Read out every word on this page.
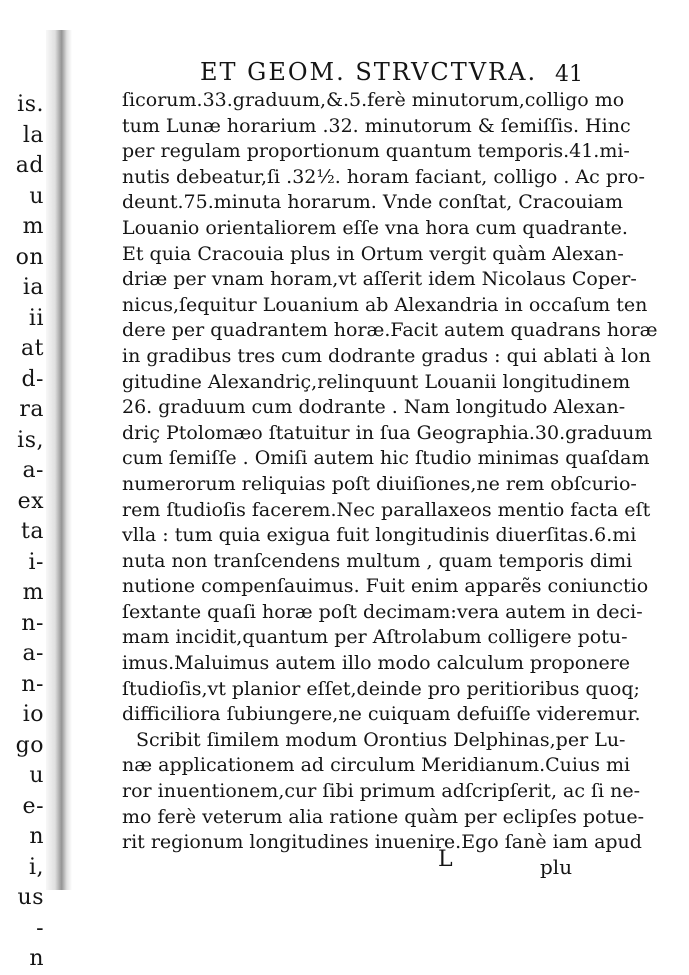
is.
la
ad
u
m
on
ia
ii
at
d-
ra
is,
a-
ex
ta
i-
m
n-
a-
n-
io
go
u
e-
n
i,
us
-
n
ET GEOM. STRVCTVRA. 41
ſicorum.33.graduum,&.5.ferè minutorum,colligo mo
tum Lunæ horarium .32. minutorum & ſemiſſis. Hinc
per regulam proportionum quantum temporis.41.mi-
nutis debeatur,ſi .32½. horam faciant, colligo . Ac pro-
deunt.75.minuta horarum. Vnde conſtat, Cracouiam
Louanio orientaliorem eſſe vna hora cum quadrante.
Et quia Cracouia plus in Ortum vergit quàm Alexan-
driæ per vnam horam,vt aſſerit idem Nicolaus Coper-
nicus,ſequitur Louanium ab Alexandria in occaſum ten
dere per quadrantem horæ.Facit autem quadrans horæ
in gradibus tres cum dodrante gradus : qui ablati à lon
gitudine Alexandriç,relinquunt Louanii longitudinem
26. graduum cum dodrante . Nam longitudo Alexan-
driç Ptolomæo ſtatuitur in ſua Geographia.30.graduum
cum ſemiſſe . Omiſi autem hic ſtudio minimas quaſdam
numerorum reliquias poſt diuiſiones,ne rem obſcurio-
rem ſtudioſis facerem.Nec parallaxeos mentio facta eſt
vlla : tum quia exigua fuit longitudinis diuerſitas.6.mi
nuta non tranſcendens multum , quam temporis dimi
nutione compenſauimus. Fuit enim apparẽs coniunctio
ſextante quaſi horæ poſt decimam:vera autem in deci-
mam incidit,quantum per Aſtrolabum colligere potu-
imus.Maluimus autem illo modo calculum proponere
ſtudioſis,vt planior eſſet,deinde pro peritioribus quoq;
difficiliora ſubiungere,ne cuiquam defuiſſe videremur.
Scribit ſimilem modum Orontius Delphinas,per Lu-
næ applicationem ad circulum Meridianum.Cuius mi
ror inuentionem,cur ſibi primum adſcripſerit, ac ſi ne-
mo ferè veterum alia ratione quàm per eclipſes potue-
rit regionum longitudines inuenire.Ego ſanè iam apud
L	plu
